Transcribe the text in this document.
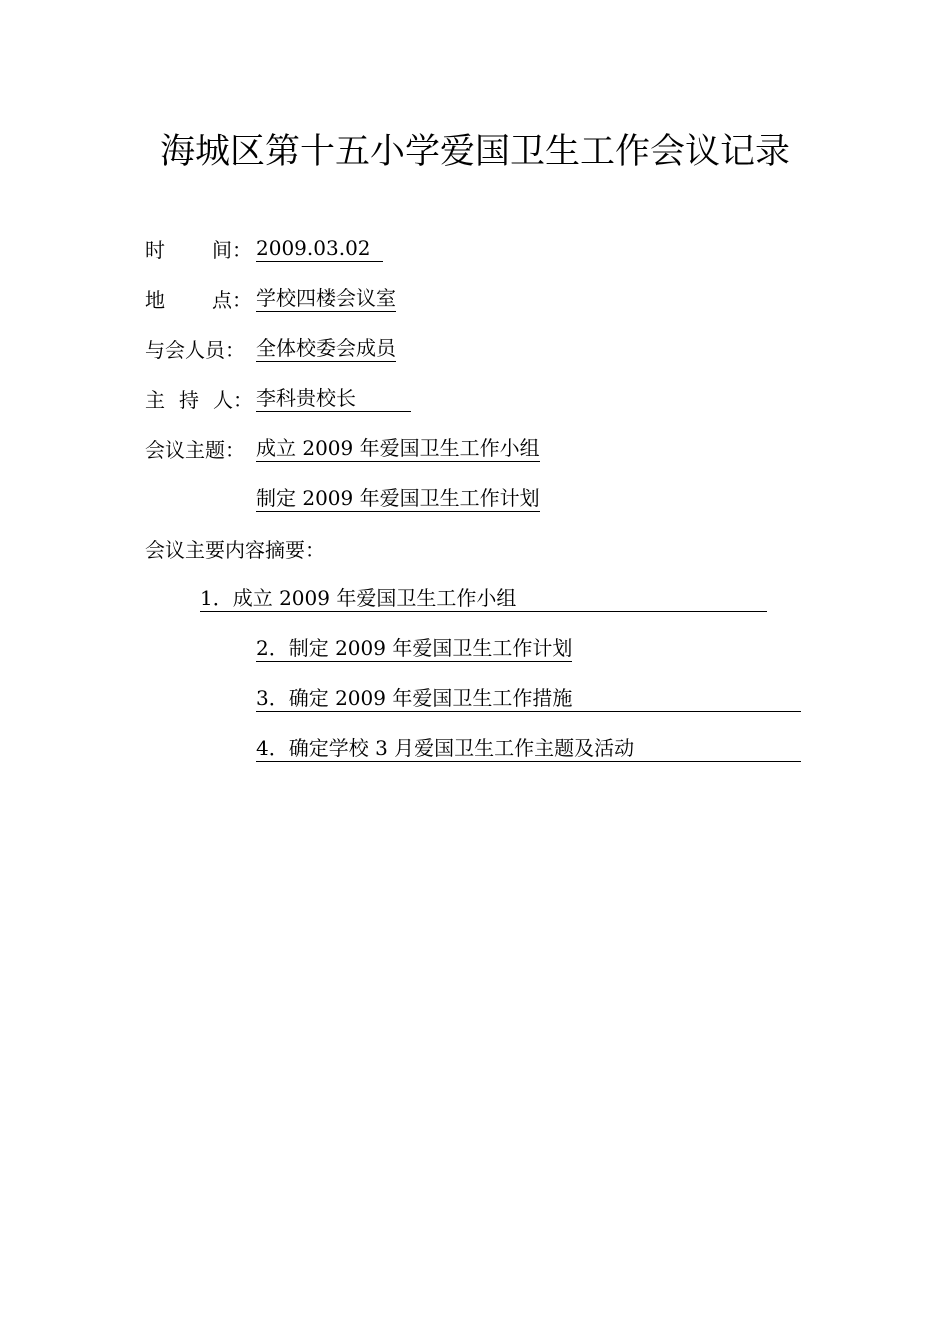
海城区第十五小学爱国卫生工作会议记录
时 间： 2009.03.02
地 点： 学校四楼会议室
与会人员： 全体校委会成员
主 持 人： 李科贵校长
会议主题： 成立 2009 年爱国卫生工作小组
制定 2009 年爱国卫生工作计划
会议主要内容摘要：
1．成立 2009 年爱国卫生工作小组
2．制定 2009 年爱国卫生工作计划
3．确定 2009 年爱国卫生工作措施
4．确定学校 3 月爱国卫生工作主题及活动
